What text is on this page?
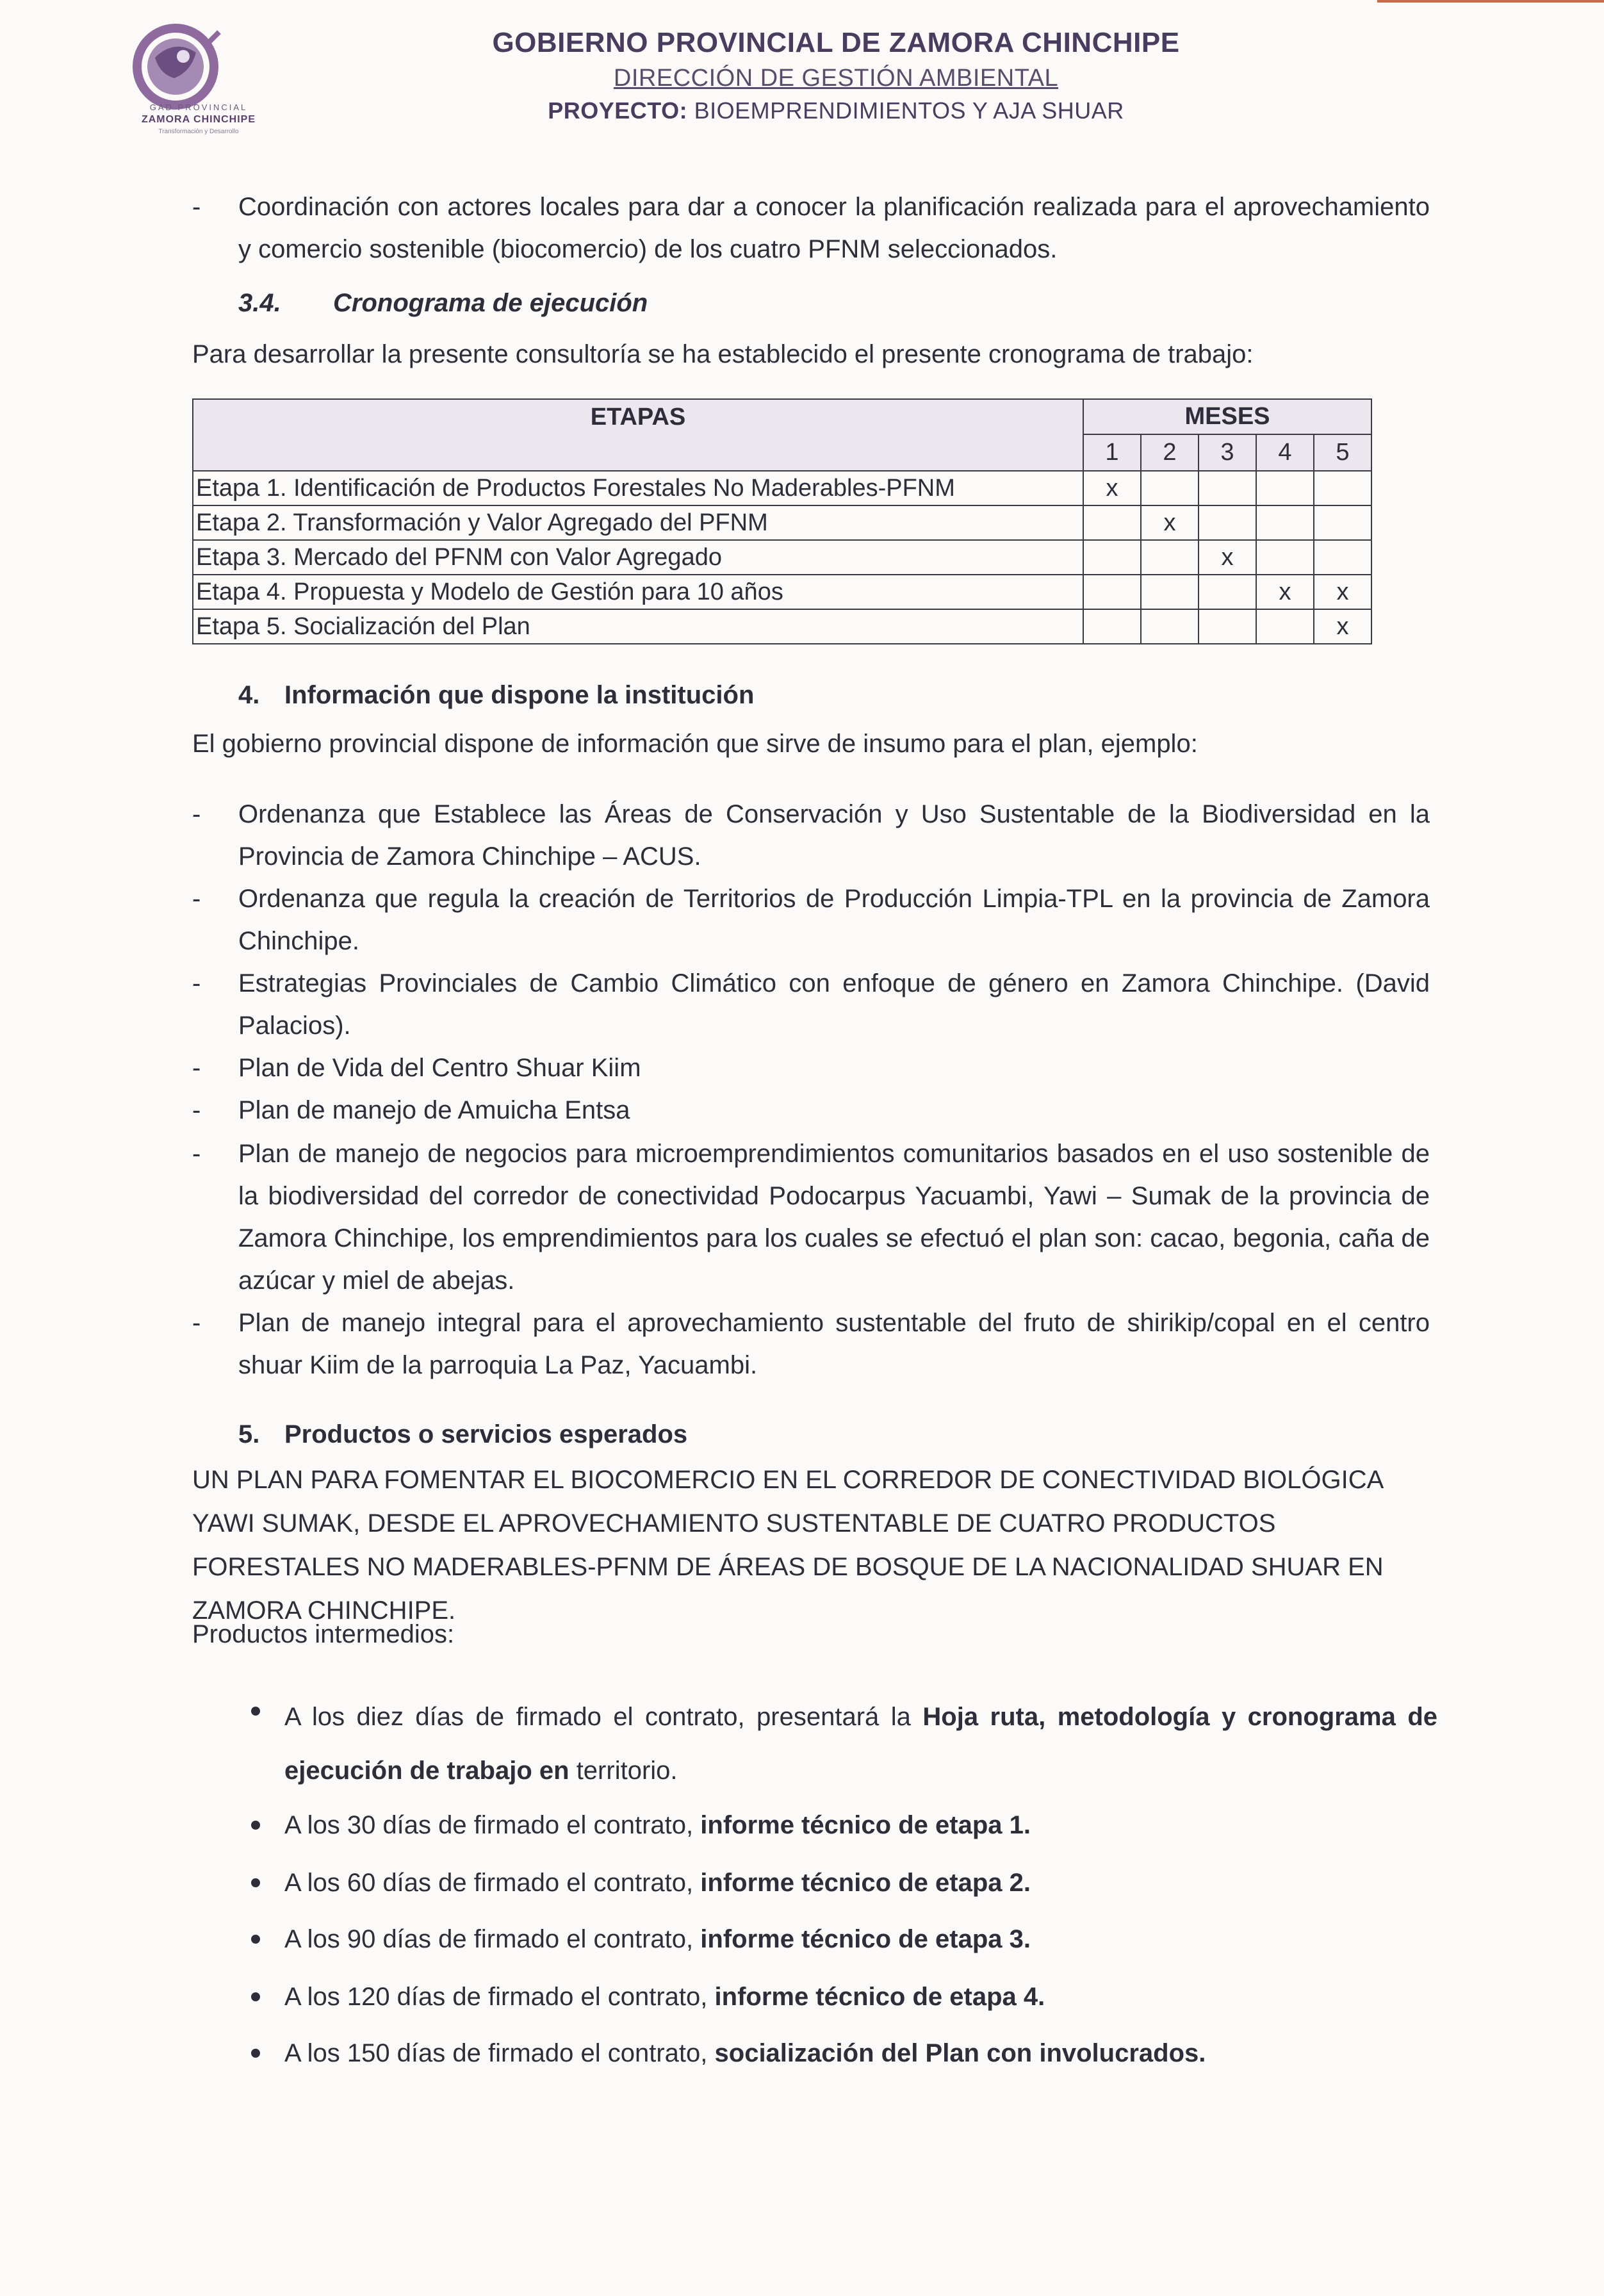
GAD PROVINCIAL
ZAMORA CHINCHIPE
Transformación y Desarrollo
GOBIERNO PROVINCIAL DE ZAMORA CHINCHIPE
DIRECCIÓN DE GESTIÓN AMBIENTAL
PROYECTO: BIOEMPRENDIMIENTOS Y AJA SHUAR
- Coordinación con actores locales para dar a conocer la planificación realizada para el aprovechamiento y comercio sostenible (biocomercio) de los cuatro PFNM seleccionados.
3.4. Cronograma de ejecución
Para desarrollar la presente consultoría se ha establecido el presente cronograma de trabajo:
ETAPAS	MESES				
	1	2	3	4	5
Etapa 1. Identificación de Productos Forestales No Maderables-PFNM	x				
Etapa 2. Transformación y Valor Agregado del PFNM		x			
Etapa 3. Mercado del PFNM con Valor Agregado			x		
Etapa 4. Propuesta y Modelo de Gestión para 10 años				x	x
Etapa 5. Socialización del Plan					x
4. Información que dispone la institución
El gobierno provincial dispone de información que sirve de insumo para el plan, ejemplo:
- Ordenanza que Establece las Áreas de Conservación y Uso Sustentable de la Biodiversidad en la Provincia de Zamora Chinchipe – ACUS.
- Ordenanza que regula la creación de Territorios de Producción Limpia-TPL en la provincia de Zamora Chinchipe.
- Estrategias Provinciales de Cambio Climático con enfoque de género en Zamora Chinchipe. (David Palacios).
- Plan de Vida del Centro Shuar Kiim
- Plan de manejo de Amuicha Entsa
- Plan de manejo de negocios para microemprendimientos comunitarios basados en el uso sostenible de la biodiversidad del corredor de conectividad Podocarpus Yacuambi, Yawi – Sumak de la provincia de Zamora Chinchipe, los emprendimientos para los cuales se efectuó el plan son: cacao, begonia, caña de azúcar y miel de abejas.
- Plan de manejo integral para el aprovechamiento sustentable del fruto de shirikip/copal en el centro shuar Kiim de la parroquia La Paz, Yacuambi.
5. Productos o servicios esperados
UN PLAN PARA FOMENTAR EL BIOCOMERCIO EN EL CORREDOR DE CONECTIVIDAD BIOLÓGICA YAWI SUMAK, DESDE EL APROVECHAMIENTO SUSTENTABLE DE CUATRO PRODUCTOS FORESTALES NO MADERABLES-PFNM DE ÁREAS DE BOSQUE DE LA NACIONALIDAD SHUAR EN ZAMORA CHINCHIPE.
Productos intermedios:
A los diez días de firmado el contrato, presentará la Hoja ruta, metodología y cronograma de ejecución de trabajo en territorio.
A los 30 días de firmado el contrato, informe técnico de etapa 1.
A los 60 días de firmado el contrato, informe técnico de etapa 2.
A los 90 días de firmado el contrato, informe técnico de etapa 3.
A los 120 días de firmado el contrato, informe técnico de etapa 4.
A los 150 días de firmado el contrato, socialización del Plan con involucrados.
